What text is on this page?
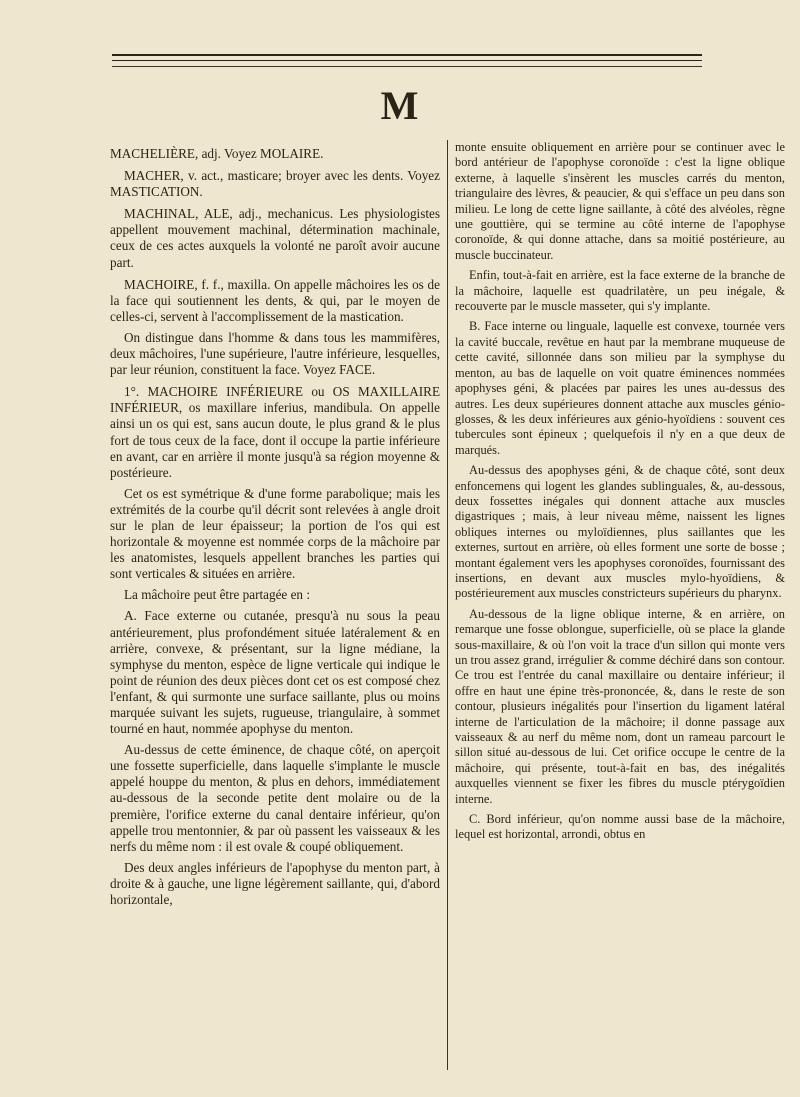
M

MACHELIÈRE, adj. Voyez MOLAIRE.

MACHER, v. act., masticare; broyer avec les dents. Voyez MASTICATION.

MACHINAL, ALE, adj., mechanicus. Les physiologistes appellent mouvement machinal, détermination machinale, ceux de ces actes auxquels la volonté ne paroît avoir aucune part.

MACHOIRE, f. f., maxilla. On appelle mâchoires les os de la face qui soutiennent les dents, & qui, par le moyen de celles-ci, servent à l'accomplissement de la mastication.

On distingue dans l'homme & dans tous les mammifères, deux mâchoires, l'une supérieure, l'autre inférieure, lesquelles, par leur réunion, constituent la face. Voyez FACE.

1°. MACHOIRE INFÉRIEURE ou OS MAXILLAIRE INFÉRIEUR, os maxillare inferius, mandibula. On appelle ainsi un os qui est, sans aucun doute, le plus grand & le plus fort de tous ceux de la face, dont il occupe la partie inférieure en avant, car en arrière il monte jusqu'à sa région moyenne & postérieure.

Cet os est symétrique & d'une forme parabolique; mais les extrémités de la courbe qu'il décrit sont relevées à angle droit sur le plan de leur épaisseur; la portion de l'os qui est horizontale & moyenne est nommée corps de la mâchoire par les anatomistes, lesquels appellent branches les parties qui sont verticales & situées en arrière.

La mâchoire peut être partagée en :

A. Face externe ou cutanée, presqu'à nu sous la peau antérieurement, plus profondément située latéralement & en arrière, convexe, & présentant, sur la ligne médiane, la symphyse du menton, espèce de ligne verticale qui indique le point de réunion des deux pièces dont cet os est composé chez l'enfant, & qui surmonte une surface saillante, plus ou moins marquée suivant les sujets, rugueuse, triangulaire, à sommet tourné en haut, nommée apophyse du menton.

Au-dessus de cette éminence, de chaque côté, on aperçoit une fossette superficielle, dans laquelle s'implante le muscle appelé houppe du menton, & plus en dehors, immédiatement au-dessous de la seconde petite dent molaire ou de la première, l'orifice externe du canal dentaire inférieur, qu'on appelle trou mentonnier, & par où passent les vaisseaux & les nerfs du même nom : il est ovale & coupé obliquement.

Des deux angles inférieurs de l'apophyse du menton part, à droite & à gauche, une ligne légèrement saillante, qui, d'abord horizontale,

monte ensuite obliquement en arrière pour se continuer avec le bord antérieur de l'apophyse coronoïde : c'est la ligne oblique externe, à laquelle s'insèrent les muscles carrés du menton, triangulaire des lèvres, & peaucier, & qui s'efface un peu dans son milieu. Le long de cette ligne saillante, à côté des alvéoles, règne une gouttière, qui se termine au côté interne de l'apophyse coronoïde, & qui donne attache, dans sa moitié postérieure, au muscle buccinateur.

Enfin, tout-à-fait en arrière, est la face externe de la branche de la mâchoire, laquelle est quadrilatère, un peu inégale, & recouverte par le muscle masseter, qui s'y implante.

B. Face interne ou linguale, laquelle est convexe, tournée vers la cavité buccale, revêtue en haut par la membrane muqueuse de cette cavité, sillonnée dans son milieu par la symphyse du menton, au bas de laquelle on voit quatre éminences nommées apophyses géni, & placées par paires les unes au-dessus des autres. Les deux supérieures donnent attache aux muscles génio-glosses, & les deux inférieures aux génio-hyoïdiens : souvent ces tubercules sont épineux ; quelquefois il n'y en a que deux de marqués.

Au-dessus des apophyses géni, & de chaque côté, sont deux enfoncemens qui logent les glandes sublinguales, &, au-dessous, deux fossettes inégales qui donnent attache aux muscles digastriques ; mais, à leur niveau même, naissent les lignes obliques internes ou myloïdiennes, plus saillantes que les externes, surtout en arrière, où elles forment une sorte de bosse ; montant également vers les apophyses coronoïdes, fournissant des insertions, en devant aux muscles mylo-hyoïdiens, & postérieurement aux muscles constricteurs supérieurs du pharynx.

Au-dessous de la ligne oblique interne, & en arrière, on remarque une fosse oblongue, superficielle, où se place la glande sous-maxillaire, & où l'on voit la trace d'un sillon qui monte vers un trou assez grand, irrégulier & comme déchiré dans son contour. Ce trou est l'entrée du canal maxillaire ou dentaire inférieur; il offre en haut une épine très-prononcée, &, dans le reste de son contour, plusieurs inégalités pour l'insertion du ligament latéral interne de l'articulation de la mâchoire; il donne passage aux vaisseaux & au nerf du même nom, dont un rameau parcourt le sillon situé au-dessous de lui. Cet orifice occupe le centre de la mâchoire, qui présente, tout-à-fait en bas, des inégalités auxquelles viennent se fixer les fibres du muscle ptérygoïdien interne.

C. Bord inférieur, qu'on nomme aussi base de la mâchoire, lequel est horizontal, arrondi, obtus en
